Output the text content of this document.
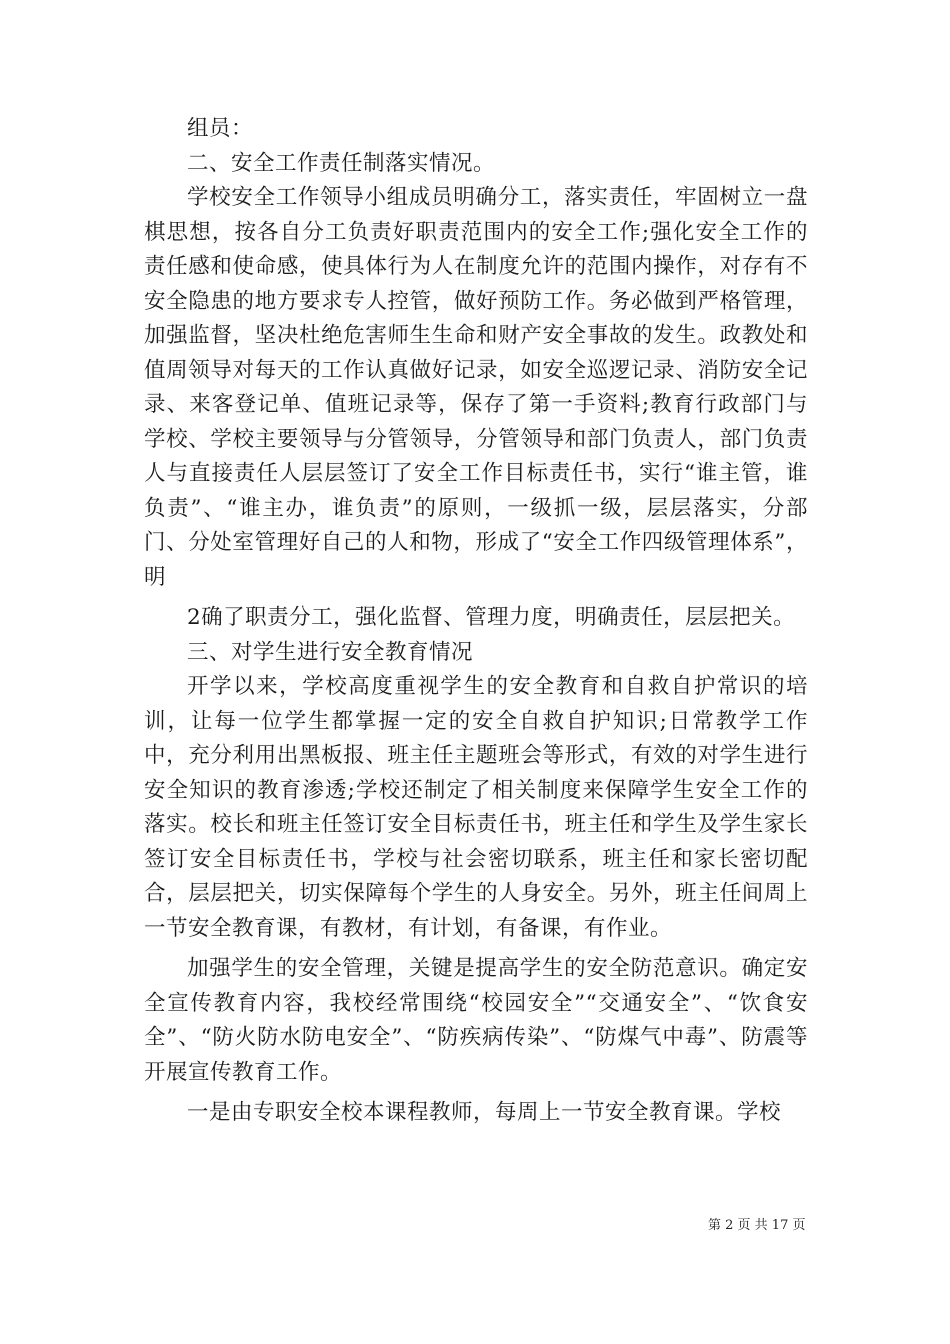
组员：

二、安全工作责任制落实情况。

学校安全工作领导小组成员明确分工，落实责任，牢固树立一盘棋思想，按各自分工负责好职责范围内的安全工作;强化安全工作的责任感和使命感，使具体行为人在制度允许的范围内操作，对存有不安全隐患的地方要求专人控管，做好预防工作。务必做到严格管理，加强监督，坚决杜绝危害师生生命和财产安全事故的发生。政教处和值周领导对每天的工作认真做好记录，如安全巡逻记录、消防安全记录、来客登记单、值班记录等，保存了第一手资料;教育行政部门与学校、学校主要领导与分管领导，分管领导和部门负责人，部门负责人与直接责任人层层签订了安全工作目标责任书，实行“谁主管，谁负责”、“谁主办，谁负责”的原则，一级抓一级，层层落实，分部门、分处室管理好自己的人和物，形成了“安全工作四级管理体系”，明

2确了职责分工，强化监督、管理力度，明确责任，层层把关。

三、对学生进行安全教育情况

开学以来，学校高度重视学生的安全教育和自救自护常识的培训，让每一位学生都掌握一定的安全自救自护知识;日常教学工作中，充分利用出黑板报、班主任主题班会等形式，有效的对学生进行安全知识的教育渗透;学校还制定了相关制度来保障学生安全工作的落实。校长和班主任签订安全目标责任书，班主任和学生及学生家长签订安全目标责任书，学校与社会密切联系，班主任和家长密切配合，层层把关，切实保障每个学生的人身安全。另外，班主任间周上一节安全教育课，有教材，有计划，有备课，有作业。

加强学生的安全管理，关键是提高学生的安全防范意识。确定安全宣传教育内容，我校经常围绕“校园安全”“交通安全”、“饮食安全”、“防火防水防电安全”、“防疾病传染”、“防煤气中毒”、防震等开展宣传教育工作。

一是由专职安全校本课程教师，每周上一节安全教育课。学校

第 2 页 共 17 页
